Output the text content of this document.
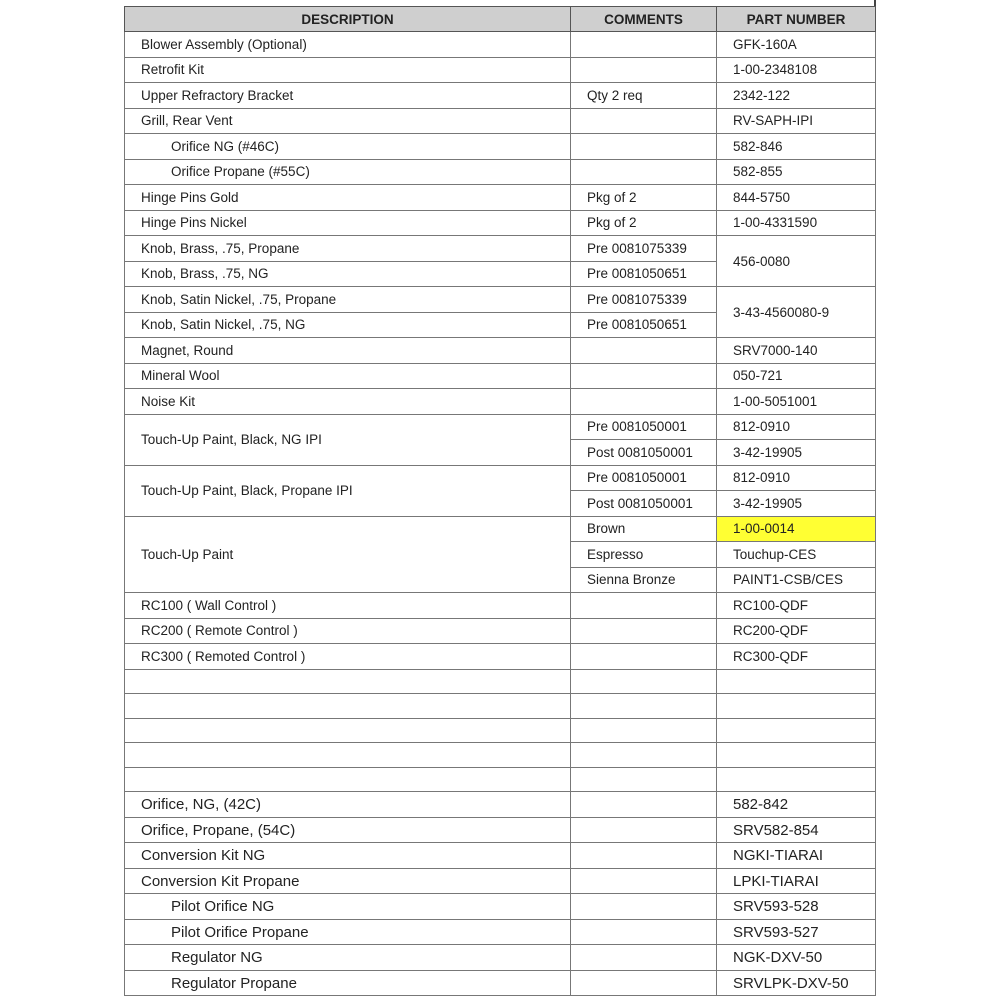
DESCRIPTION	COMMENTS	PART NUMBER
Blower Assembly (Optional)		GFK-160A
Retrofit Kit		1-00-2348108
Upper Refractory Bracket	Qty 2 req	2342-122
Grill, Rear Vent		RV-SAPH-IPI
Orifice NG (#46C)		582-846
Orifice Propane (#55C)		582-855
Hinge Pins Gold	Pkg of 2	844-5750
Hinge Pins Nickel	Pkg of 2	1-00-4331590
Knob, Brass, .75, Propane	Pre 0081075339	456-0080
Knob, Brass, .75, NG	Pre 0081050651	
Knob, Satin Nickel, .75, Propane	Pre 0081075339	3-43-4560080-9
Knob, Satin Nickel, .75, NG	Pre 0081050651	
Magnet, Round		SRV7000-140
Mineral Wool		050-721
Noise Kit		1-00-5051001
Touch-Up Paint, Black, NG IPI	Pre 0081050001	812-0910
	Post 0081050001	3-42-19905
Touch-Up Paint, Black, Propane IPI	Pre 0081050001	812-0910
	Post 0081050001	3-42-19905
Touch-Up Paint	Brown	1-00-0014
	Espresso	Touchup-CES
	Sienna Bronze	PAINT1-CSB/CES
RC100 ( Wall Control )		RC100-QDF
RC200 ( Remote Control )		RC200-QDF
RC300 ( Remoted Control )		RC300-QDF

Orifice, NG, (42C)		582-842
Orifice, Propane, (54C)		SRV582-854
Conversion Kit NG		NGKI-TIARAI
Conversion Kit Propane		LPKI-TIARAI
Pilot Orifice NG		SRV593-528
Pilot Orifice Propane		SRV593-527
Regulator NG		NGK-DXV-50
Regulator Propane		SRVLPK-DXV-50
